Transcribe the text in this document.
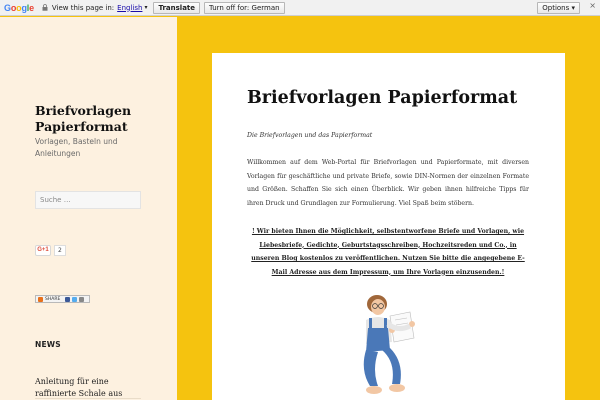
Google	View this page in: English ▾	Translate	Turn off for: German	Options ▾	×
Briefvorlagen Papierformat
Vorlagen, Basteln und Anleitungen
Suche …
G+1	2
SHARE
NEWS
Anleitung für eine raffinierte Schale aus
Briefvorlagen Papierformat

Die Briefvorlagen und das Papierformat

Willkommen auf dem Web-Portal für Briefvorlagen und Papierformate, mit diversen Vorlagen für geschäftliche und private Briefe, sowie DIN-Normen der einzelnen Formate und Größen. Schaffen Sie sich einen Überblick. Wir geben ihnen hilfreiche Tipps für ihren Druck und Grundlagen zur Formulierung. Viel Spaß beim stöbern.

! Wir bieten Ihnen die Möglichkeit, selbstentworfene Briefe und Vorlagen, wie Liebesbriefe, Gedichte, Geburtstagsschreiben, Hochzeitsreden und Co., in unseren Blog kostenlos zu veröffentlichen. Nutzen Sie bitte die angegebene E-Mail Adresse aus dem Impressum, um Ihre Vorlagen einzusenden.!
